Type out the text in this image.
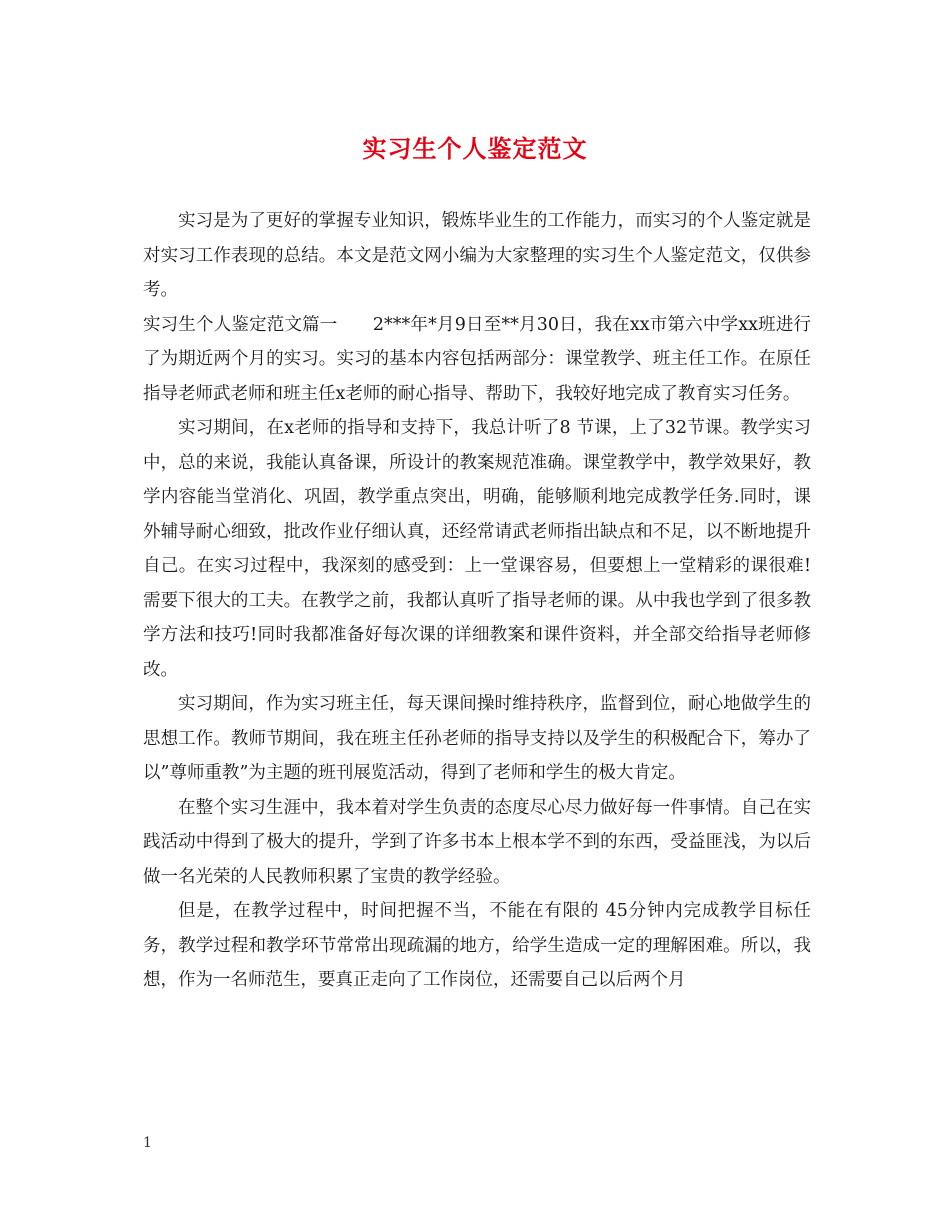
实习生个人鉴定范文

实习是为了更好的掌握专业知识，锻炼毕业生的工作能力，而实习的个人鉴定就是对实习工作表现的总结。本文是范文网小编为大家整理的实习生个人鉴定范文，仅供参考。

实习生个人鉴定范文篇一　　2***年*月9日至**月30日，我在xx市第六中学xx班进行了为期近两个月的实习。实习的基本内容包括两部分：课堂教学、班主任工作。在原任指导老师武老师和班主任x老师的耐心指导、帮助下，我较好地完成了教育实习任务。

实习期间，在x老师的指导和支持下，我总计听了8 节课，上了32节课。教学实习中，总的来说，我能认真备课，所设计的教案规范准确。课堂教学中，教学效果好，教学内容能当堂消化、巩固，教学重点突出，明确，能够顺利地完成教学任务.同时，课外辅导耐心细致，批改作业仔细认真，还经常请武老师指出缺点和不足，以不断地提升自己。在实习过程中，我深刻的感受到：上一堂课容易，但要想上一堂精彩的课很难!需要下很大的工夫。在教学之前，我都认真听了指导老师的课。从中我也学到了很多教学方法和技巧!同时我都准备好每次课的详细教案和课件资料，并全部交给指导老师修改。

实习期间，作为实习班主任，每天课间操时维持秩序，监督到位，耐心地做学生的思想工作。教师节期间，我在班主任孙老师的指导支持以及学生的积极配合下，筹办了以”尊师重教”为主题的班刊展览活动，得到了老师和学生的极大肯定。

在整个实习生涯中，我本着对学生负责的态度尽心尽力做好每一件事情。自己在实践活动中得到了极大的提升，学到了许多书本上根本学不到的东西，受益匪浅，为以后做一名光荣的人民教师积累了宝贵的教学经验。

但是，在教学过程中，时间把握不当，不能在有限的 45分钟内完成教学目标任务，教学过程和教学环节常常出现疏漏的地方，给学生造成一定的理解困难。所以，我想，作为一名师范生，要真正走向了工作岗位，还需要自己以后两个月

1
